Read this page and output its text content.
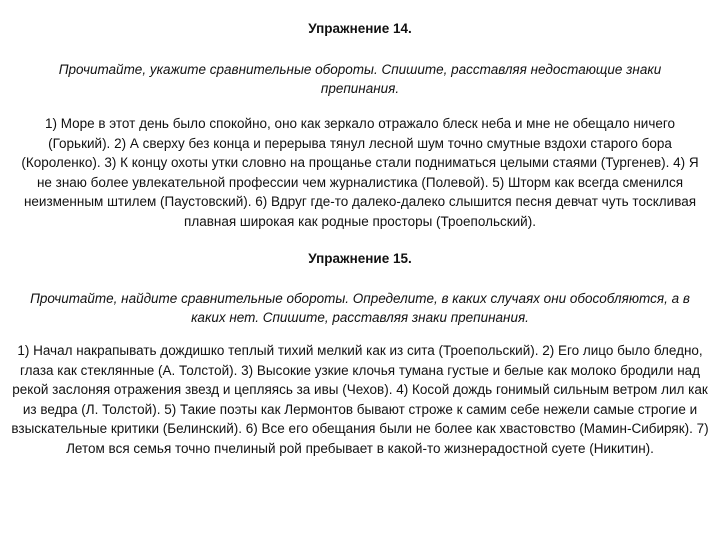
Упражнение 14.

Прочитайте, укажите сравнительные обороты. Спишите, расставляя недостающие знаки препинания.

1) Море в этот день было спокойно, оно как зеркало отражало блеск неба и мне не обещало ничего (Горький). 2) А сверху без конца и перерыва тянул лесной шум точно смутные вздохи старого бора (Короленко). 3) К концу охоты утки словно на прощанье стали подниматься целыми стаями (Тургенев). 4) Я не знаю более увлекательной профессии чем журналистика (Полевой). 5) Шторм как всегда сменился неизменным штилем (Паустовский). 6) Вдруг где-то далеко-далеко слышится песня девчат чуть тоскливая плавная широкая как родные просторы (Троепольский).

Упражнение 15.

Прочитайте, найдите сравнительные обороты. Определите, в каких случаях они обособляются, а в каких нет. Спишите, расставляя знаки препинания.

1) Начал накрапывать дождишко теплый тихий мелкий как из сита (Троепольский). 2) Его лицо было бледно, глаза как стеклянные (А. Толстой). 3) Высокие узкие клочья тумана густые и белые как молоко бродили над рекой заслоняя отражения звезд и цепляясь за ивы (Чехов). 4) Косой дождь гонимый сильным ветром лил как из ведра (Л. Толстой). 5) Такие поэты как Лермонтов бывают строже к самим себе нежели самые строгие и взыскательные критики (Белинский). 6) Все его обещания были не более как хвастовство (Мамин-Сибиряк). 7) Летом вся семья точно пчелиный рой пребывает в какой-то жизнерадостной суете (Никитин).
